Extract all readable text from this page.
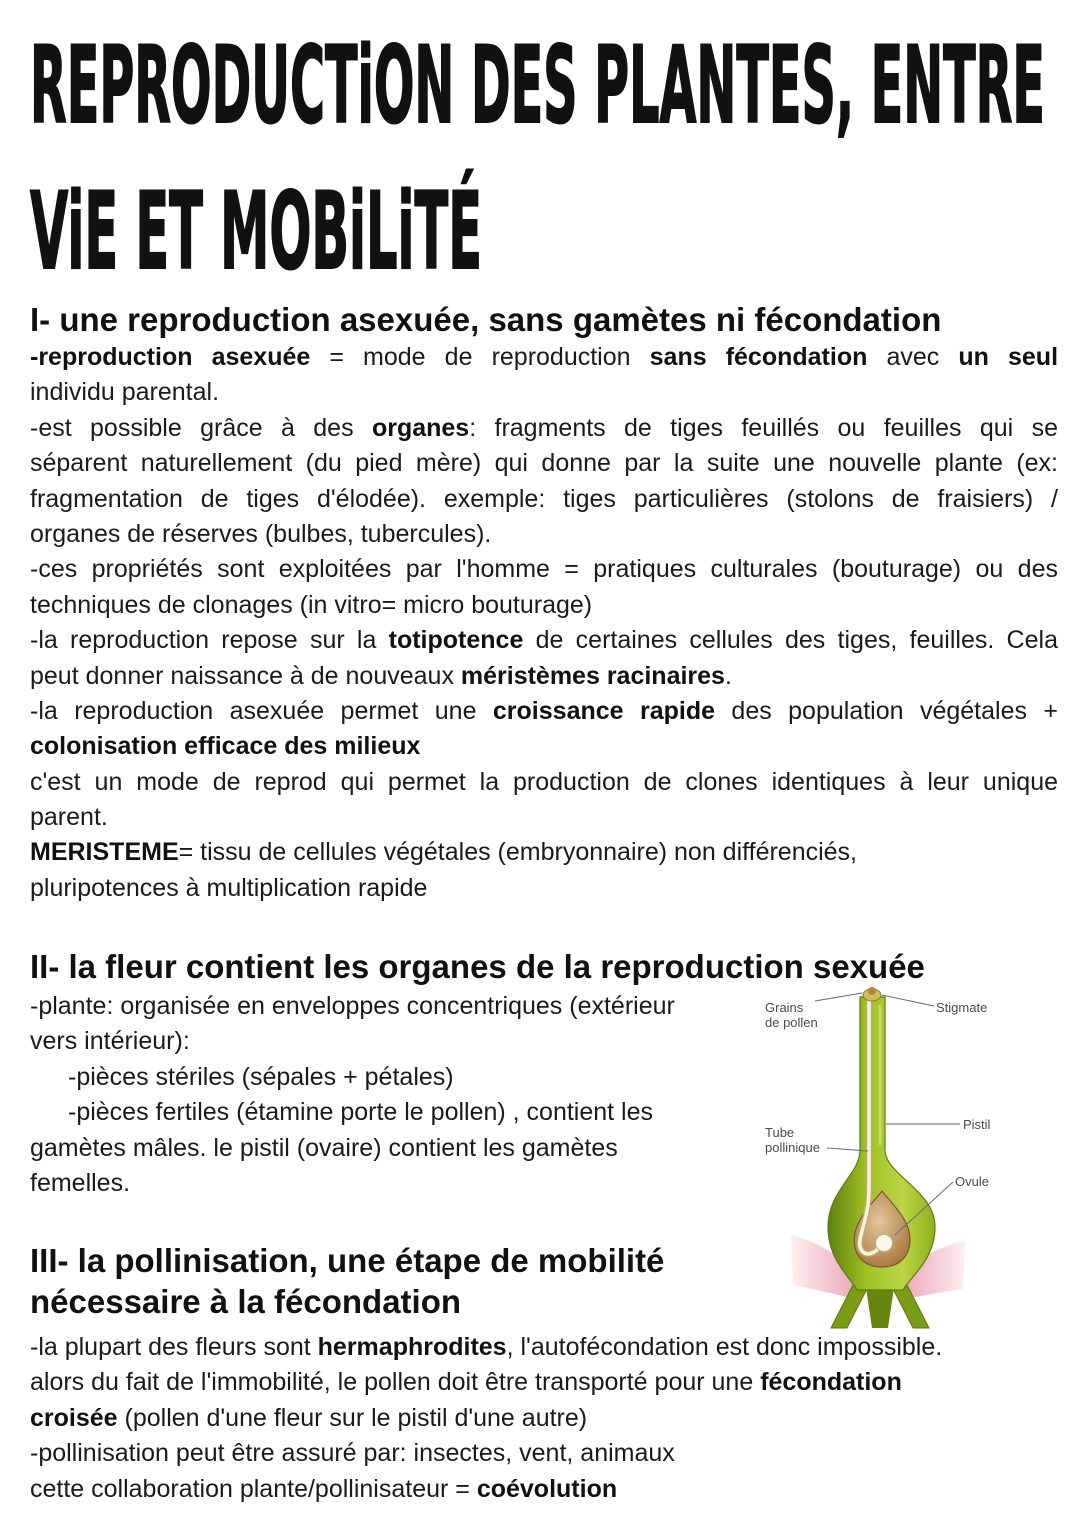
REPRODUCTiON DES PLANTES, ENTRE
ViE ET MOBiLiTÉ
I- une reproduction asexuée, sans gamètes ni fécondation
-reproduction asexuée = mode de reproduction sans fécondation avec un seul
individu parental.
-est possible grâce à des organes: fragments de tiges feuillés ou feuilles qui se
séparent naturellement (du pied mère) qui donne par la suite une nouvelle plante (ex:
fragmentation de tiges d'élodée). exemple: tiges particulières (stolons de fraisiers) /
organes de réserves (bulbes, tubercules).
-ces propriétés sont exploitées par l'homme = pratiques culturales (bouturage) ou des
techniques de clonages (in vitro= micro bouturage)
-la reproduction repose sur la totipotence de certaines cellules des tiges, feuilles. Cela
peut donner naissance à de nouveaux méristèmes racinaires.
-la reproduction asexuée permet une croissance rapide des population végétales +
colonisation efficace des milieux
c'est un mode de reprod qui permet la production de clones identiques à leur unique
parent.
MERISTEME= tissu de cellules végétales (embryonnaire) non différenciés,
pluripotences à multiplication rapide
II- la fleur contient les organes de la reproduction sexuée
-plante: organisée en enveloppes concentriques (extérieur
vers intérieur):
-pièces stériles (sépales + pétales)
-pièces fertiles (étamine porte le pollen) , contient les
gamètes mâles. le pistil (ovaire) contient les gamètes
femelles.
Grains
de pollen
Stigmate
Tube
pollinique
Pistil
Ovule
III- la pollinisation, une étape de mobilité
nécessaire à la fécondation
-la plupart des fleurs sont hermaphrodites, l'autofécondation est donc impossible.
alors du fait de l'immobilité, le pollen doit être transporté pour une fécondation
croisée (pollen d'une fleur sur le pistil d'une autre)
-pollinisation peut être assuré par: insectes, vent, animaux
cette collaboration plante/pollinisateur = coévolution
